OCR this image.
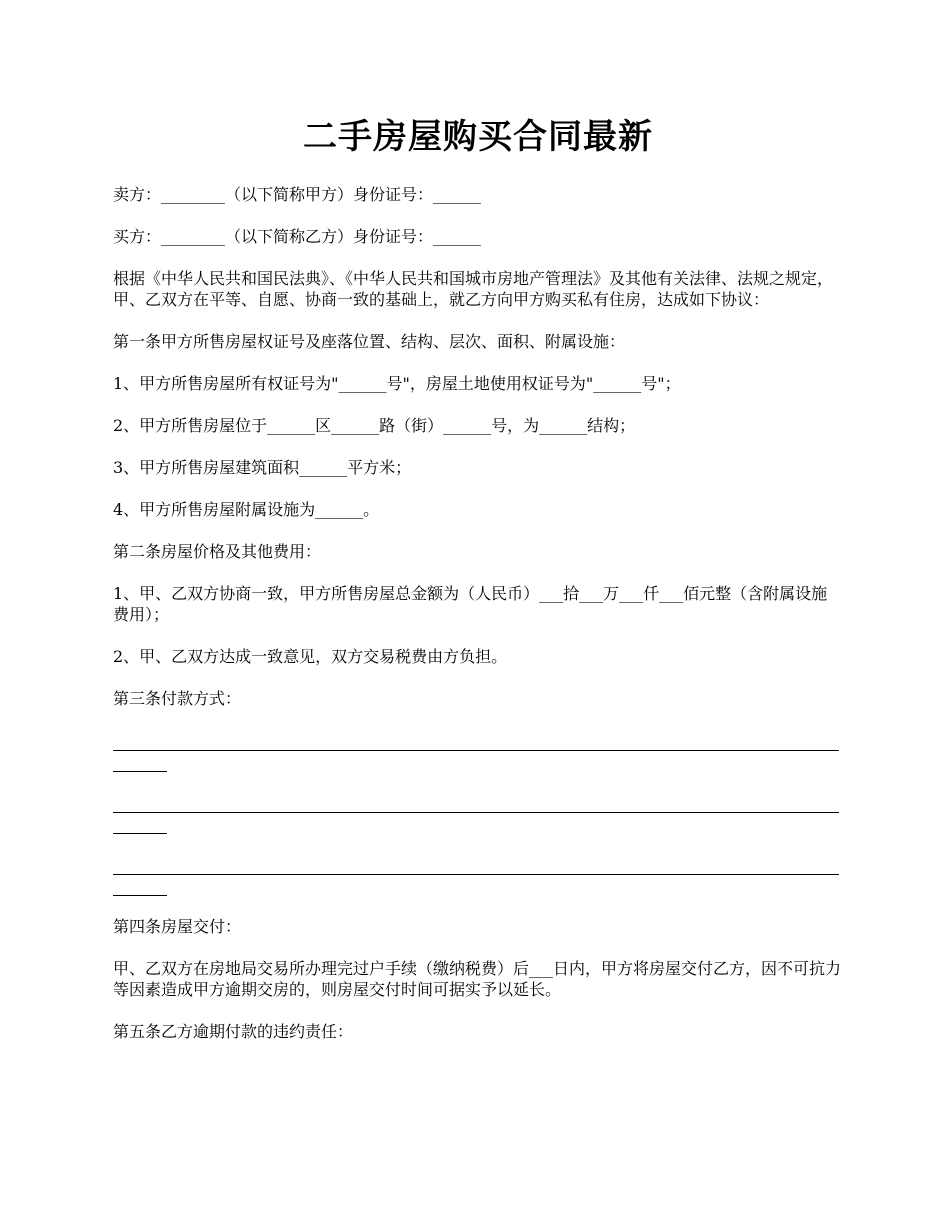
二手房屋购买合同最新

卖方：________（以下简称甲方）身份证号：______

买方：________（以下简称乙方）身份证号：______

根据《中华人民共和国民法典》、《中华人民共和国城市房地产管理法》及其他有关法律、法规之规定，甲、乙双方在平等、自愿、协商一致的基础上，就乙方向甲方购买私有住房，达成如下协议：

第一条甲方所售房屋权证号及座落位置、结构、层次、面积、附属设施：

1、甲方所售房屋所有权证号为"______号"，房屋土地使用权证号为"______号"；

2、甲方所售房屋位于______区______路（街）______号，为______结构；

3、甲方所售房屋建筑面积______平方米；

4、甲方所售房屋附属设施为______。

第二条房屋价格及其他费用：

1、甲、乙双方协商一致，甲方所售房屋总金额为（人民币）___拾___万___仟___佰元整（含附属设施费用）；

2、甲、乙双方达成一致意见，双方交易税费由方负担。

第三条付款方式：

第四条房屋交付：

甲、乙双方在房地局交易所办理完过户手续（缴纳税费）后___日内，甲方将房屋交付乙方，因不可抗力等因素造成甲方逾期交房的，则房屋交付时间可据实予以延长。

第五条乙方逾期付款的违约责任：
